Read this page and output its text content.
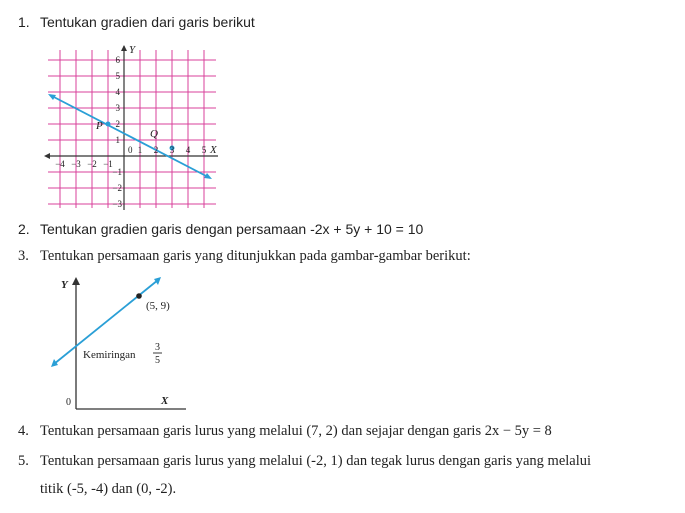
1. Tentukan gradien dari garis berikut
−4 −3 −2 −1
1 2 3 4 5
6
5
4
3
2
1
−1
−2
−3
0	X
Y
P
Q
2. Tentukan gradien garis dengan persamaan -2x + 5y + 10 = 10
3. Tentukan persamaan garis yang ditunjukkan pada gambar-gambar berikut:
(5, 9)
Y
X
0
Kemiringan
3
5
4. Tentukan persamaan garis lurus yang melalui (7, 2) dan sejajar dengan garis 2x − 5y = 8
5. Tentukan persamaan garis lurus yang melalui (-2, 1) dan tegak lurus dengan garis yang melalui
titik (-5, -4) dan (0, -2).
